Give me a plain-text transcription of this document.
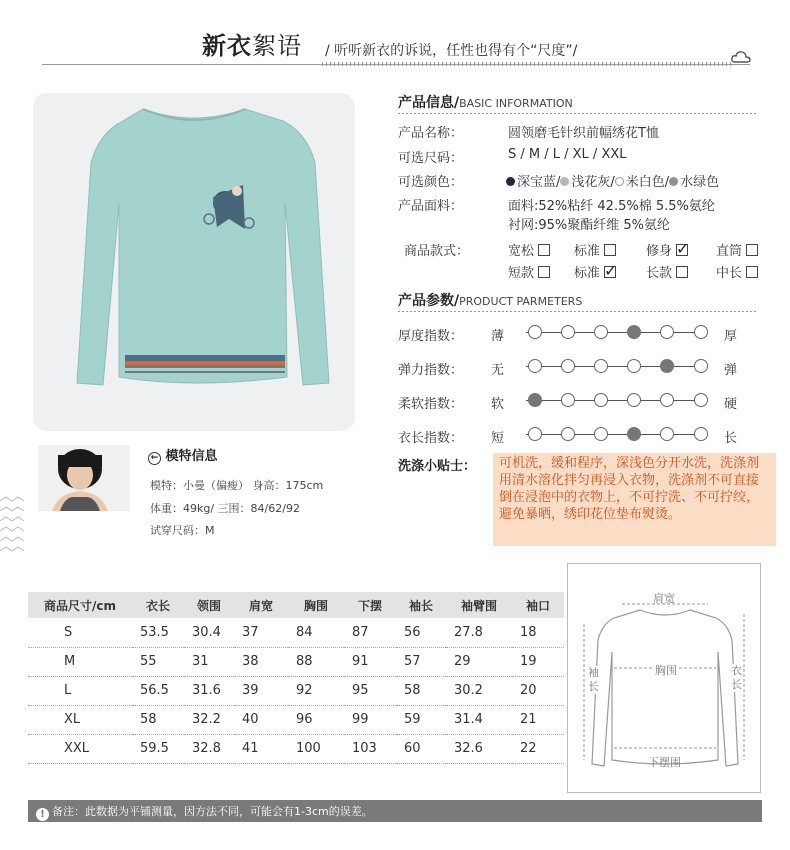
新衣絮语 / 听听新衣的诉说，任性也得有个“尺度”/
产品信息/BASIC INFORMATION
产品名称：	圆领磨毛针织前幅绣花T恤
可选尺码：	S / M / L / XL / XXL
可选颜色：	深宝蓝/ 浅花灰/ 米白色/ 水绿色
产品面料：	面料:52%粘纤 42.5%棉 5.5%氨纶
衬网:95%聚酯纤维 5%氨纶
商品款式：	宽松	标准	修身 ✓	直筒
短款	标准 ✓	长款	中长
产品参数/PRODUCT PARMETERS
厚度指数： 薄	厚
弹力指数： 无	弹
柔软指数： 软	硬
衣长指数： 短	长
洗涤小贴士：	可机洗，缓和程序，深浅色分开水洗，洗涤剂用清水溶化拌匀再浸入衣物，洗涤剂不可直接倒在浸泡中的衣物上，不可拧洗、不可拧绞，避免暴晒，绣印花位垫布熨烫。
← 模特信息
模特：小曼（偏瘦） 身高：175cm
体重：49kg/ 三围：84/62/92
试穿尺码：M
商品尺寸/cm	衣长	领围	肩宽	胸围	下摆	袖长	袖臂围	袖口
S	53.5	30.4	37	84	87	56	27.8	18
M	55	31	38	88	91	57	29	19
L	56.5	31.6	39	92	95	58	30.2	20
XL	58	32.2	40	96	99	59	31.4	21
XXL	59.5	32.8	41	100	103	60	32.6	22
肩宽
胸围
袖长
衣长
下摆围
! 备注：此数据为平铺测量，因方法不同，可能会有1-3cm的误差。
